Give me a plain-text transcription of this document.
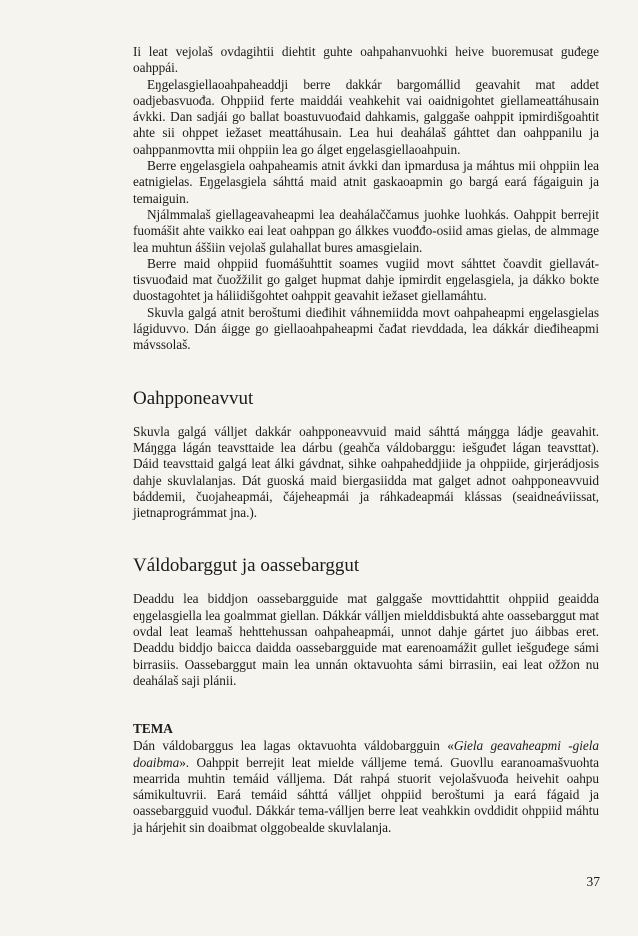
Ii leat vejolaš ovdagihtii diehtit guhte oahpahanvuohki heive buoremusat guđege oahppái.

Eŋgelasgiellaoahpaheaddji berre dakkár bargomállid geavahit mat addet oadjebasvuođa. Ohppiid ferte maiddái veahkehit vai oaidnigohtet giellameattáhusain ávkki. Dan sadjái go ballat boastuvuođaid dahkamis, galggaše oahppit ipmirdišgoahtit ahte sii ohppet iežaset meattáhusain. Lea hui deahálaš gáhttet dan oahppanilu ja oahppanmovtta mii ohppiin lea go álget eŋgelasgiellaoahpuin.

Berre eŋgelasgiela oahpaheamis atnit ávkki dan ipmardusa ja máhtus mii ohppiin lea eatnigielas. Eŋgelasgiela sáhttá maid atnit gaskaoapmin go bargá eará fágaiguin ja temaiguin.

Njálmmalaš giellageavaheapmi lea deahálaččamus juohke luohkás. Oahppit berrejit fuomášit ahte vaikko eai leat oahppan go álkkes vuođđo-osiid amas gielas, de almmage lea muhtun áššiin vejolaš gulahallat bures amasgielain.

Berre maid ohppiid fuomášuhttit soames vugiid movt sáhttet čoavdit giellavát-tisvuođaid mat čuožžilit go galget hupmat dahje ipmirdit eŋgelasgiela, ja dákko bokte duostagohtet ja háliidišgohtet oahppit geavahit iežaset giellamáhtu.

Skuvla galgá atnit beroštumi dieđihit váhnemiidda movt oahpaheapmi eŋgelasgielas lágiduvvo. Dán áigge go giellaoahpaheapmi čađat rievddada, lea dákkár dieđiheapmi mávssolaš.

Oahpponeavvut

Skuvla galgá válljet dakkár oahpponeavvuid maid sáhttá máŋgga ládje geavahit. Máŋgga lágán teavsttaide lea dárbu (geahča váldobarggu: iešguđet lágan teavsttat). Dáid teavsttaid galgá leat álki gávdnat, sihke oahpaheddjiide ja ohppiide, girjerádjosis dahje skuvlalanjas. Dát guoská maid biergasiidda mat galget adnot oahpponeavvuid báddemii, čuojaheapmái, čájeheapmái ja ráhkadeapmái klássas (seaidneáviissat, jietnaprográmmat jna.).

Váldobarggut ja oassebarggut

Deaddu lea biddjon oassebargguide mat galggaše movttidahttit ohppiid geaidda eŋgelasgiella lea goalmmat giellan. Dákkár válljen mielddisbuktá ahte oassebarggut mat ovdal leat leamaš hehttehussan oahpaheapmái, unnot dahje gártet juo áibbas eret. Deaddu biddjo baicca daidda oassebargguide mat earenoamážit gullet iešguđege sámi birrasiis. Oassebarggut main lea unnán oktavuohta sámi birrasiin, eai leat ožžon nu deahálaš saji plánii.

TEMA

Dán váldobarggus lea lagas oktavuohta váldobargguin «Giela geavaheapmi -giela doaibma». Oahppit berrejit leat mielde válljeme temá. Guovllu earanoamašvuohta mearrida muhtin temáid válljema. Dát rahpá stuorit vejolašvuođa heivehit oahpu sámikultuvrii. Eará temáid sáhttá válljet ohppiid beroštumi ja eará fágaid ja oassebargguid vuođul. Dákkár tema-válljen berre leat veahkkin ovddidit ohppiid máhtu ja hárjehit sin doaibmat olggobealde skuvlalanja.

37
